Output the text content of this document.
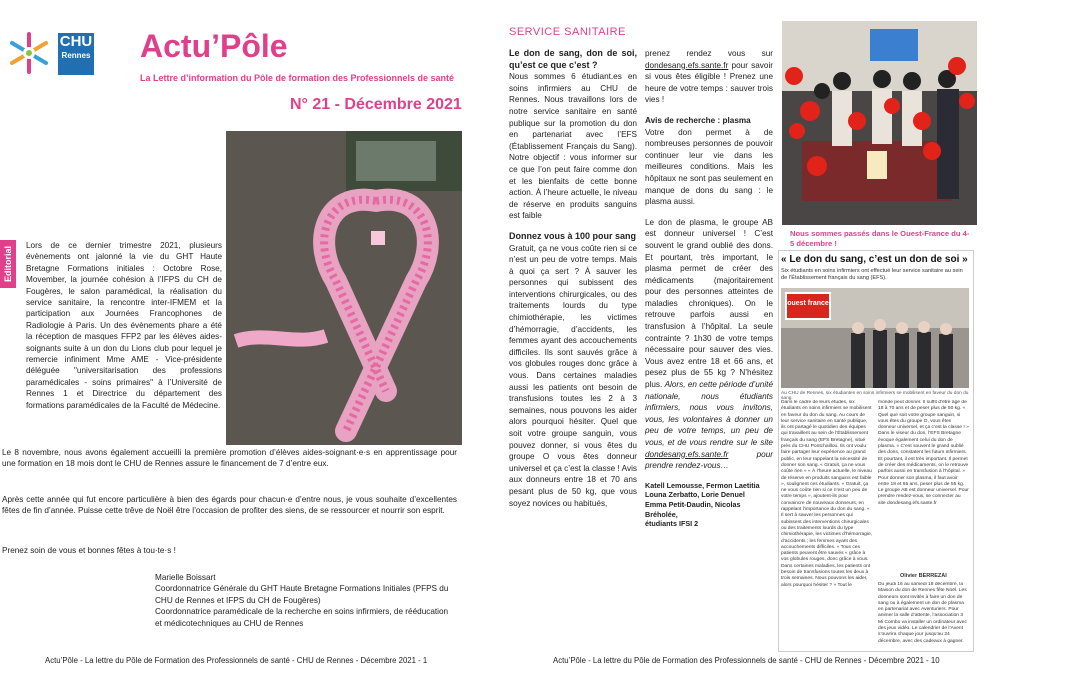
CHU
Rennes Actu’Pôle
La Lettre d’information du Pôle de formation des Professionnels de santé
N° 21 - Décembre 2021
Editorial
Lors de ce dernier trimestre 2021, plusieurs évènements ont jalonné la vie du GHT Haute Bretagne Formations initiales : Octobre Rose, Movember, la journée cohésion à l’IFPS du CH de Fougères, le salon paramédical, la réalisation du service sanitaire, la rencontre inter-IFMEM et la participation aux Journées Francophones de Radiologie à Paris. Un des évènements phare a été la réception de masques FFP2 par les élèves aides-soignants suite à un don du Lions club pour lequel je remercie infiniment Mme AME - Vice-présidente déléguée "universitarisation des professions paramédicales - soins primaires" à l’Université de Rennes 1 et Directrice du département des formations paramédicales de la Faculté de Médecine.
Le 8 novembre, nous avons également accueilli la première promotion d’élèves aides-soignant·e·s en apprentissage pour une formation en 18 mois dont le CHU de Rennes assure le financement de 7 d’entre eux.
Après cette année qui fut encore particulière à bien des égards pour chacun·e d’entre nous, je vous souhaite d’excellentes fêtes de fin d’année. Puisse cette trêve de Noël être l’occasion de profiter des siens, de se ressourcer et nourrir son esprit.
Prenez soin de vous et bonnes fêtes à tou·te·s !
Marielle Boissart
Coordonnatrice Générale du GHT Haute Bretagne Formations Initiales (PFPS du CHU de Rennes et IFPS du CH de Fougères)
Coordonnatrice paramédicale de la recherche en soins infirmiers, de rééducation et médicotechniques au CHU de Rennes
Actu’Pôle - La lettre du Pôle de Formation des Professionnels de santé - CHU de Rennes - Décembre 2021 - 1
SERVICE SANITAIRE

Le don de sang, don de soi, qu’est ce que c’est ?
Nous sommes 6 étudiant.es en soins infirmiers au CHU de Rennes. Nous travaillons lors de notre service sanitaire en santé publique sur la promotion du don en partenariat avec l’EFS (Établissement Français du Sang). Notre objectif : vous informer sur ce que l’on peut faire comme don et les bienfaits de cette bonne action. À l’heure actuelle, le niveau de réserve en produits sanguins est faible

Donnez vous à 100 pour sang
Gratuit, ça ne vous coûte rien si ce n’est un peu de votre temps. Mais à quoi ça sert ? À sauver les personnes qui subissent des interventions chirurgicales, ou des traitements lourds du type chimiothérapie, les victimes d’hémorragie, d’accidents, les femmes ayant des accouchements difficiles. Ils sont sauvés grâce à vos globules rouges donc grâce à vous. Dans certaines maladies aussi les patients ont besoin de transfusions toutes les 2 à 3 semaines, nous pouvons les aider alors pourquoi hésiter. Quel que soit votre groupe sanguin, vous pouvez donner, si vous êtes du groupe O vous êtes donneur universel et ça c’est la classe ! Avis aux donneurs entre 18 et 70 ans pesant plus de 50 kg, que vous soyez novices ou habitués,

prenez rendez vous sur dondesang.efs.sante.fr pour savoir si vous êtes éligible ! Prenez une heure de votre temps : sauver trois vies !

Avis de recherche : plasma
Votre don permet à de nombreuses personnes de pouvoir continuer leur vie dans les meilleures conditions. Mais les hôpitaux ne sont pas seulement en manque de dons du sang : le plasma aussi.

Le don de plasma, le groupe AB est donneur universel ! C’est souvent le grand oublié des dons. Et pourtant, très important, le plasma permet de créer des médicaments (majoritairement pour des personnes atteintes de maladies chroniques). On le retrouve parfois aussi en transfusion à l’hôpital. La seule contrainte ? 1h30 de votre temps nécessaire pour sauver des vies. Vous avez entre 18 et 66 ans, et pesez plus de 55 kg ? N’hésitez plus. Alors, en cette période d’unité nationale, nous étudiants infirmiers, nous vous invitons, vous, les volontaires à donner un peu de votre temps, un peu de vous, et de vous rendre sur le site dondesang.efs.sante.fr pour prendre rendez-vous…

Katell Lemousse, Fermon Laetitia
Louna Zerbatto, Lorie Denuel
Emma Petit-Daudin, Nicolas Bréholée,
étudiants IFSI 2
Nous sommes passés dans le Ouest-France du 4-5 décembre !
« Le don du sang, c’est un don de soi »
Six étudiants en soins infirmiers ont effectué leur service sanitaire au sein de l’Établissement français du sang (EFS).
ouest france
Au CHU de Rennes, six étudiantes en soins infirmiers se mobilisent en faveur du don du sang.
Dans le cadre de leurs études, six étudiants en soins infirmiers se mobilisent en faveur du don du sang. Au cours de leur service sanitaire en santé publique, ils ont partagé le quotidien des équipes qui travaillent au sein de l’Établissement français du sang (EFS Bretagne), situé près du CHU Pontchaillou. Ils ont voulu faire partager leur expérience au grand public, en leur rappelant la nécessité de donner son sang. « Gratuit, ça ne vous coûte rien » « À l’heure actuelle, le niveau de réserve en produits sanguins est faible », soulignent ces étudiants. « Gratuit, ça ne vous coûte rien si ce n’est un peu de votre temps », ajoutent-ils pour convaincre de nouveaux donneurs, en rappelant l’importance du don du sang. « Il sert à sauver les personnes qui subissent des interventions chirurgicales ou des traitements lourds du type chimiothérapie, les victimes d’hémorragie, d’accidents ; les femmes ayant des accouchements difficiles. » Tous ces patients peuvent être sauvés « grâce à vos globules rouges, donc grâce à vous. Dans certaines maladies, les patients ont besoin de transfusions toutes les deux à trois semaines. Nous pouvons les aider, alors pourquoi hésiter ? » Tout le
monde peut donner. Il suffit d’être âgé de 18 à 70 ans et de peser plus de 50 kg. « Quel que soit votre groupe sanguin, si vous êtes du groupe O, vous êtes donneur universel, et ça c’est la classe ! » Dans le viseur du don, l’EFS Bretagne évoque également celui du don de plasma. « C’est souvent le grand oublié des dons, constatent les futurs infirmiers. Et pourtant, il est très important. Il permet de créer des médicaments, on le retrouve parfois aussi en transfusion à l’hôpital. » Pour donner son plasma, il faut avoir entre 18 et 65 ans, peser plus de 55 kg. Le groupe AB est donneur universel. Pour prendre rendez-vous, se connecter au site dondesang.efs.sante.fr
Olivier BERREZAI
Du jeudi 16 au samedi 18 décembre, la Maison du don de Rennes fête Noël. Les donneurs sont invités à faire un don de sang ou à également un don de plasma en partenariat avec Aventuriers. Pour animer la salle d’attente, l’association 3 Mi Combo va installer un ordinateur avec des jeux vidéo. Le calendrier de l’Avent s’ouvrira chaque jour jusqu’au 24 décembre, avec des cadeaux à gagner.
Actu’Pôle - La lettre du Pôle de Formation des Professionnels de santé - CHU de Rennes - Décembre 2021 - 10
